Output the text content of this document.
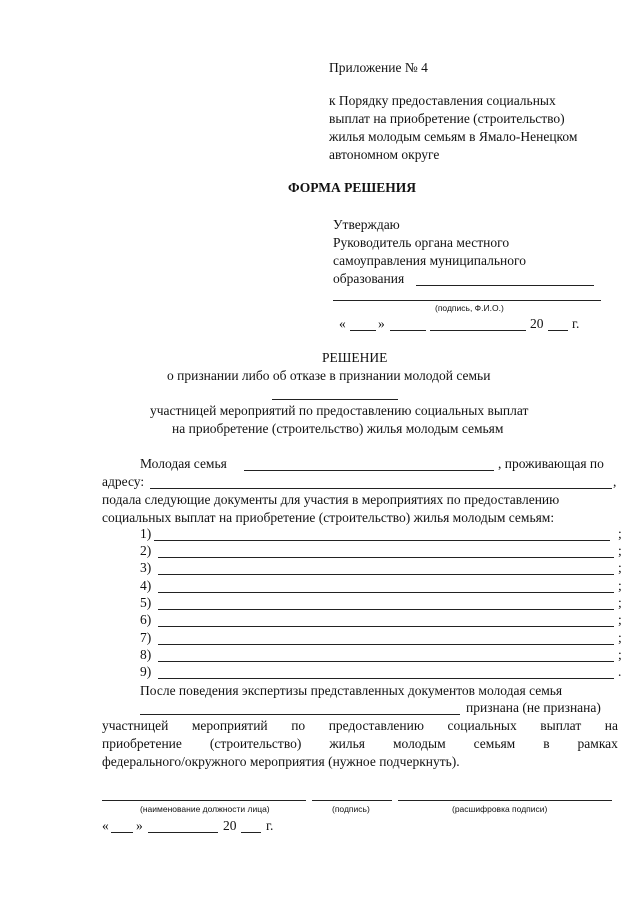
Приложение № 4
к Порядку предоставления социальных
выплат на приобретение (строительство)
жилья молодым семьям в Ямало-Ненецком
автономном округе
ФОРМА РЕШЕНИЯ
Утверждаю
Руководитель органа местного
самоуправления муниципального
образования
(подпись, Ф.И.О.)
« »	20 г.
РЕШЕНИЕ
о признании либо об отказе в признании молодой семьи
участницей мероприятий по предоставлению социальных выплат
на приобретение (строительство) жилья молодым семьям
Молодая семья	, проживающая по
адресу:	,
подала следующие документы для участия в мероприятиях по предоставлению
социальных выплат на приобретение (строительство) жилья молодым семьям:
1)	;
2)	;
3)	;
4)	;
5)	;
6)	;
7)	;
8)	;
9)	.
После поведения экспертизы представленных документов молодая семья
признана (не признана)
участницей мероприятий по предоставлению социальных выплат на
приобретение (строительство) жилья молодым семьям в рамках
федерального/окружного мероприятия (нужное подчеркнуть).
(наименование должности лица)	(подпись)	(расшифровка подписи)
« »	20 г.
